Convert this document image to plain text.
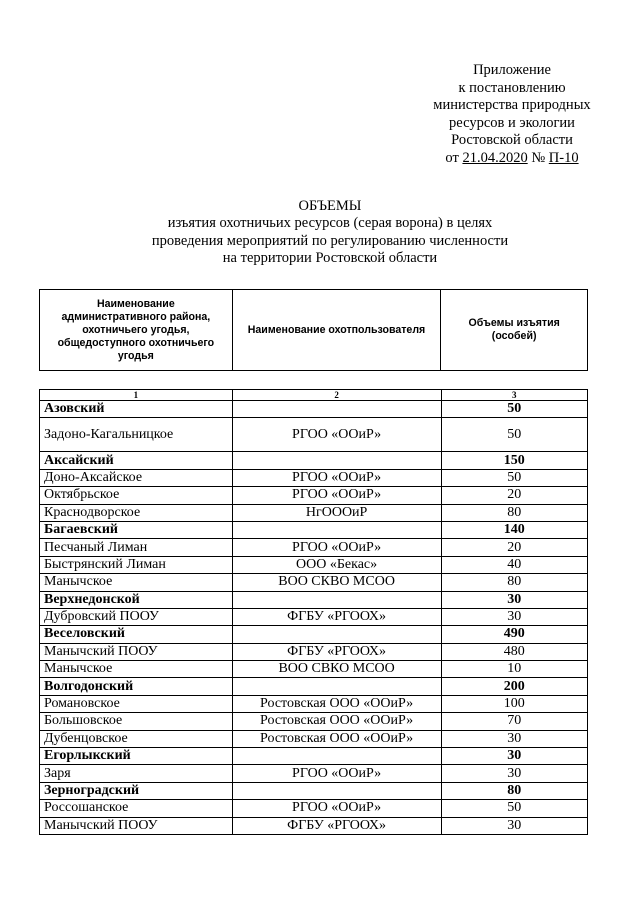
Приложение
к постановлению
министерства природных
ресурсов и экологии
Ростовской области
от 21.04.2020 № П-10
ОБЪЕМЫ
изъятия охотничьих ресурсов (серая ворона) в целях
проведения мероприятий по регулированию численности
на территории Ростовской области
Наименование административного района, охотничьего угодья, общедоступного охотничьего угодья	Наименование охотпользователя	Объемы изъятия (особей)
1	2	3
Азовский		50
Задоно-Кагальницкое	РГОО «ООиР»	50
Аксайский		150
Доно-Аксайское	РГОО «ООиР»	50
Октябрьское	РГОО «ООиР»	20
Краснодворское	НгОООиР	80
Багаевский		140
Песчаный Лиман	РГОО «ООиР»	20
Быстрянский Лиман	ООО «Бекас»	40
Манычское	ВОО СКВО МСОО	80
Верхнедонской		30
Дубровский ПООУ	ФГБУ «РГООХ»	30
Веселовский		490
Манычский ПООУ	ФГБУ «РГООХ»	480
Манычское	ВОО СВКО МСОО	10
Волгодонский		200
Романовское	Ростовская ООО «ООиР»	100
Большовское	Ростовская ООО «ООиР»	70
Дубенцовское	Ростовская ООО «ООиР»	30
Егорлыкский		30
Заря	РГОО «ООиР»	30
Зерноградский		80
Россошанское	РГОО «ООиР»	50
Манычский ПООУ	ФГБУ «РГООХ»	30
